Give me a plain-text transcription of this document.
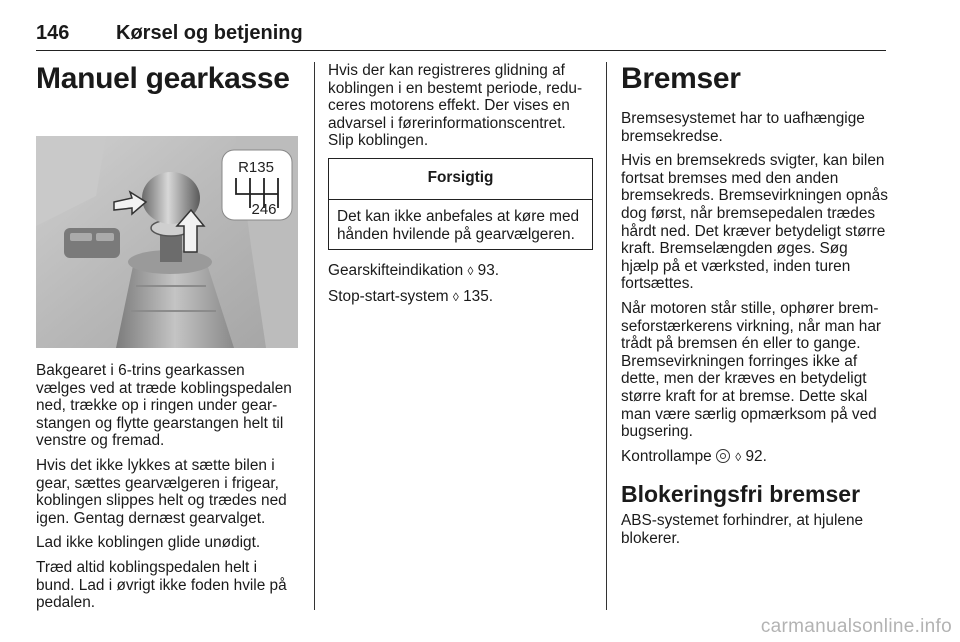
146 Kørsel og betjening
Manuel gearkasse
R135
246

Bakgearet i 6-trins gearkassen vælges ved at træde koblingspedalen ned, trække op i ringen under gearstangen og flytte gearstangen helt til venstre og fremad.

Hvis det ikke lykkes at sætte bilen i gear, sættes gearvælgeren i frigear, koblingen slippes helt og trædes ned igen. Gentag dernæst gearvalget.

Lad ikke koblingen glide unødigt.

Træd altid koblingspedalen helt i bund. Lad i øvrigt ikke foden hvile på pedalen.

Hvis der kan registreres glidning af koblingen i en bestemt periode, reduceres motorens effekt. Der vises en advarsel i førerinformationscentret. Slip koblingen.

Forsigtig

Det kan ikke anbefales at køre med hånden hvilende på gearvælgeren.

Gearskifteindikation ◊ 93.

Stop-start-system ◊ 135.

Bremser

Bremsesystemet har to uafhængige bremsekredse.

Hvis en bremsekreds svigter, kan bilen fortsat bremses med den anden bremsekreds. Bremsevirkningen opnås dog først, når bremsepedalen trædes hårdt ned. Det kræver betydeligt større kraft. Bremselængden øges. Søg hjælp på et værksted, inden turen fortsættes.

Når motoren står stille, ophører bremseforstærkerens virkning, når man har trådt på bremsen én eller to gange. Bremsevirkningen forringes ikke af dette, men der kræves en betydeligt større kraft for at bremse. Dette skal man være særlig opmærksom på ved bugsering.

Kontrollampe ◊ 92.

Blokeringsfri bremser

ABS-systemet forhindrer, at hjulene blokerer.

carmanualsonline.info
